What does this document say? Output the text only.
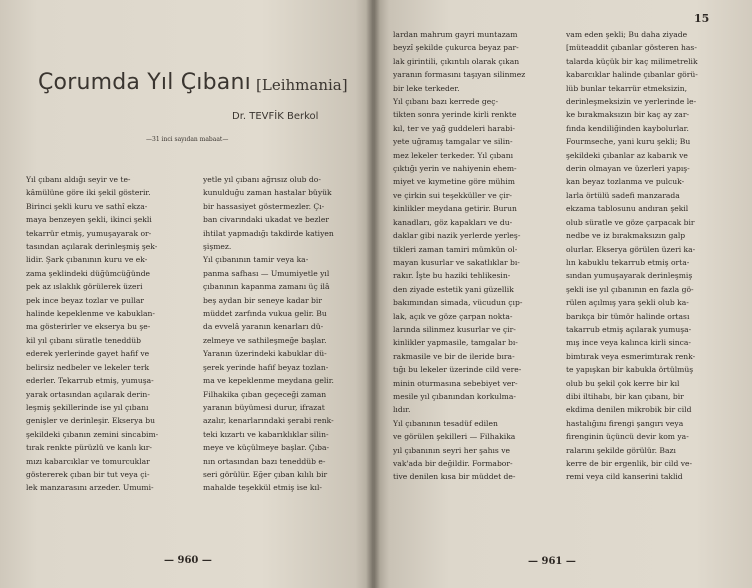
Çorumda Yıl Çıbanı [Leihmania]
Dr. TEVFİK Berkol
—31 inci sayıdan mabaat—
Yıl çıbanı aldığı seyir ve te-
kâmülüne göre iki şekil gösterir.
Birinci şekli kuru ve sathî ekza-
maya benzeyen şekli, ikinci şekli
tekarrür etmiş, yumuşayarak or-
tasından açılarak derinleşmiş şek-
lidir. Şark çıbanının kuru ve ek-
zama şeklindeki düğümcüğünde
pek az ıslaklık görülerek üzeri
pek ince beyaz tozlar ve pullar
halinde kepeklenme ve kabuklan-
ma gösterirler ve ekserya bu şe-
kil yıl çıbanı süratle teneddüb
ederek yerlerinde gayet hafif ve
belirsiz nedbeler ve lekeler terk
ederler. Tekarrub etmiş, yumuşa-
yarak ortasından açılarak derin-
leşmiş şekillerinde ise yıl çıbanı
genişler ve derinleşir. Ekserya bu
şekildeki çıbanın zemini sincabim-
tırak renkte pürüzlü ve kanlı kır-
mızı kabarcıklar ve tomurcuklar
göstererek çıban bir tut veya çi-
lek manzarasını arzeder. Umumi-
yetle yıl çıbanı ağrısız olub do-
kunulduğu zaman hastalar büyük
bir hassasiyet göstermezler. Çı-
ban civarındaki ukadat ve bezler
ihtilat yapmadığı takdirde katiyen
şişmez.
Yıl çıbanının tamir veya ka-
panma safhası — Umumiyetle yıl
çıbanının kapanma zamanı üç ilâ
beş aydan bir seneye kadar bir
müddet zarfında vukua gelir. Bu
da evvelâ yaranın kenarları dü-
zelmeye ve sathileşmeğe başlar.
Yaranın üzerindeki kabuklar dü-
şerek yerinde hafif beyaz tozlan-
ma ve kepeklenme meydana gelir.
Filhakika çıban geçeceği zaman
yaranın büyümesi durur, ifrazat
azalır, kenarlarındaki şerabi renk-
teki kızartı ve kabarıklıklar silin-
meye ve küçülmeye başlar. Çıba-
nın ortasından bazı teneddüb e-
seri görülür. Eğer çıban kılılı bir
mahalde teşekkül etmiş ise kıl-
— 960 —
lardan mahrum gayri muntazam
beyzî şekilde çukurca beyaz par-
lak girintili, çıkıntılı olarak çıkan
yaranın formasını taşıyan silinmez
bir leke terkeder.
Yıl çıbanı bazı kerrede geç-
tikten sonra yerinde kirli renkte
kıl, ter ve yağ guddeleri harabi-
yete uğramış tamgalar ve silin-
mez lekeler terkeder. Yıl çıbanı
çıktığı yerin ve nahiyenin ehem-
miyet ve kıymetine göre mühim
ve çirkin sui teşekküller ve çir-
kinlikler meydana getirir. Burun
kanadları, göz kapakları ve du-
daklar gibi nazik yerlerde yerleş-
tikleri zaman tamiri mümkün ol-
mayan kusurlar ve sakatlıklar bı-
rakır. İşte bu haziki tehlikesin-
den ziyade estetik yani güzellik
bakımından simada, vücudun çıp-
lak, açık ve göze çarpan nokta-
larında silinmez kusurlar ve çir-
kinlikler yapmasile, tamgalar bı-
rakmasile ve bir de ileride bıra-
tığı bu lekeler üzerinde cild vere-
minin oturmasına sebebiyet ver-
mesile yıl çıbanından korkulma-
lıdır.
Yıl çıbanının tesadüf edilen
ve görülen şekilleri — Filhakika
yıl çıbanının seyri her şahıs ve
vak'ada bir değildir. Formabor-
tive denilen kısa bir müddet de-
vam eden şekli; Bu daha ziyade
[müteaddit çıbanlar gösteren has-
talarda küçük bir kaç milimetrelik
kabarcıklar halinde çıbanlar görü-
lüb bunlar tekarrür etmeksizin,
derinleşmeksizin ve yerlerinde le-
ke bırakmaksızın bir kaç ay zar-
fında kendiliğinden kaybolurlar.
Fourmseche, yani kuru şekli; Bu
şekildeki çıbanlar az kabarık ve
derin olmayan ve üzerleri yapış-
kan beyaz tozlanma ve pulcuk-
larla örtülü sadefi manzarada
ekzama tablosunu andıran şekil
olub süratle ve göze çarpacak bir
nedbe ve iz bırakmaksızın galp
olurlar. Ekserya görülen üzeri ka-
lın kabuklu tekarrub etmiş orta-
sından yumuşayarak derinleşmiş
şekli ise yıl çıbanının en fazla gö-
rülen açılmış yara şekli olub ka-
barıkça bir tümör halinde ortası
takarrub etmiş açılarak yumuşa-
mış ince veya kalınca kirli sinca-
bimtırak veya esmerimtırak renk-
te yapışkan bir kabukla örtülmüş
olub bu şekil çok kerre bir kıl
dibi iltihabı, bir kan çıbanı, bir
ekdima denilen mikrobik bir cild
hastalığını firengi şangırı veya
firenginin üçüncü devir kom ya-
ralarını şekilde görülür. Bazı
kerre de bir ergenlik, bir cild ve-
remi veya cild kanserini taklid
— 961 —
15
